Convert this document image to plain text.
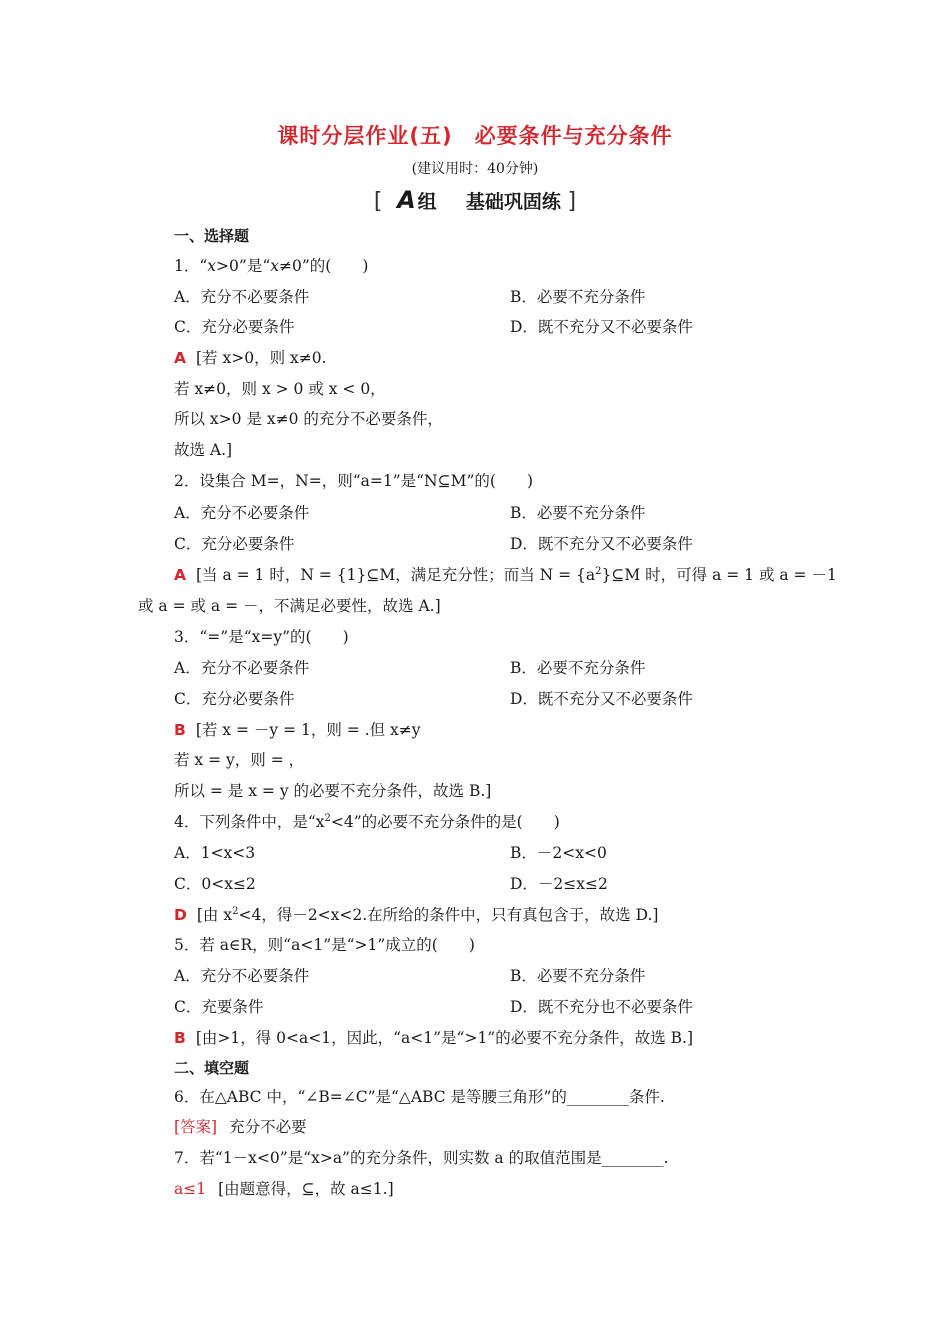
课时分层作业(五)　必要条件与充分条件
(建议用时：40分钟)
[ A 组 基础巩固练 ]
一、选择题
1．“x>0”是“x≠0”的(　　)
A．充分不必要条件	B．必要不充分条件
C．充分必要条件	D．既不充分又不必要条件
A [若 x>0，则 x≠0.
若 x≠0，则 x > 0 或 x < 0，
所以 x>0 是 x≠0 的充分不必要条件，
故选 A.]
2．设集合 M=，N=，则“a=1”是“N⊆M”的(　　)
A．充分不必要条件	B．必要不充分条件
C．充分必要条件	D．既不充分又不必要条件
A [当 a = 1 时，N = {1}⊆M，满足充分性；而当 $N = \{a^2\}⊆M$ 时，可得 a = 1 或 a = －1
或 a = 或 a = －，不满足必要性，故选 A.]
3．“=”是“x=y”的(　　)
A．充分不必要条件	B．必要不充分条件
C．充分必要条件	D．既不充分又不必要条件
B [若 x = －y = 1，则 = .但 x≠y
若 x = y，则 = ，
所以 = 是 x = y 的必要不充分条件，故选 B.]
4．下列条件中，是“$x^2<4$”的必要不充分条件的是(　　)
A．1<x<3	B．－2<x<0
C．0<x≤2	D．－2≤x≤2
D [由 $x^2<4$，得－2<x<2.在所给的条件中，只有真包含于，故选 D.]
5．若 a∈R，则“a<1”是“>1”成立的(　　)
A．充分不必要条件	B．必要不充分条件
C．充要条件	D．既不充分也不必要条件
B [由>1，得 0<a<1，因此，“a<1”是“>1”的必要不充分条件，故选 B.]
二、填空题
6．在△ABC 中，“∠B=∠C”是“△ABC 是等腰三角形”的________条件.
[答案] 充分不必要
7．若“1－x<0”是“x>a”的充分条件，则实数 a 的取值范围是________.
a≤1 [由题意得，⊆，故 a≤1.]
